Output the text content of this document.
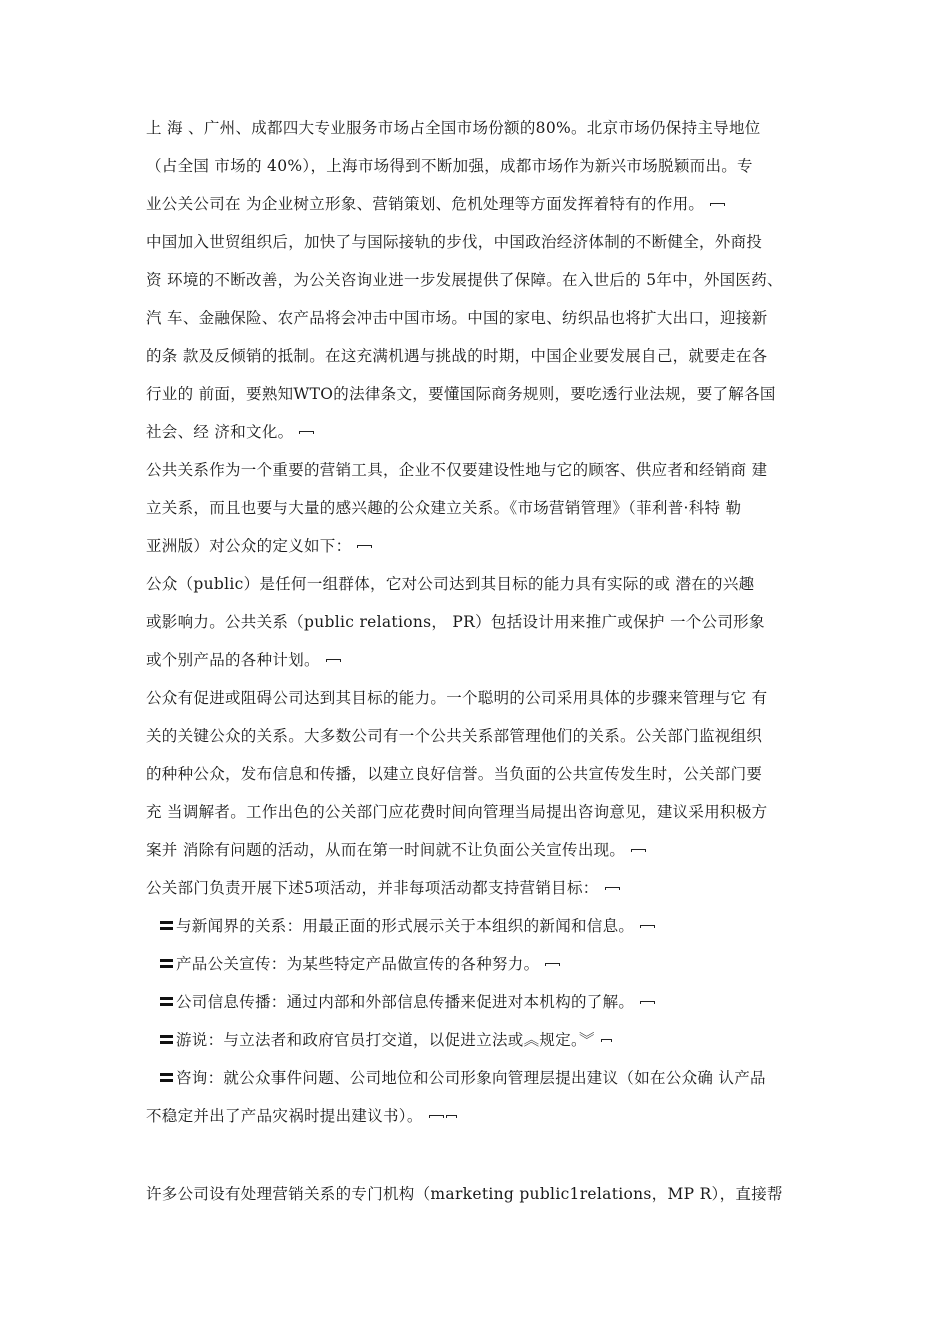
上 海 、广州、成都四大专业服务市场占全国市场份额的80%。北京市场仍保持主导地位
（占全国 市场的 40%），上海市场得到不断加强，成都市场作为新兴市场脱颖而出。专
业公关公司在 为企业树立形象、营销策划、危机处理等方面发挥着特有的作用。
中国加入世贸组织后，加快了与国际接轨的步伐，中国政治经济体制的不断健全，外商投
资 环境的不断改善，为公关咨询业进一步发展提供了保障。在入世后的 5年中，外国医药、
汽 车、金融保险、农产品将会冲击中国市场。中国的家电、纺织品也将扩大出口，迎接新
的条 款及反倾销的抵制。在这充满机遇与挑战的时期，中国企业要发展自己，就要走在各
行业的 前面，要熟知WTO的法律条文，要懂国际商务规则，要吃透行业法规，要了解各国
社会、经 济和文化。
公共关系作为一个重要的营销工具，企业不仅要建设性地与它的顾客、供应者和经销商 建
立关系，而且也要与大量的感兴趣的公众建立关系。《市场营销管理》（菲利普·科特 勒
亚洲版）对公众的定义如下：
公众（public）是任何一组群体，它对公司达到其目标的能力具有实际的或 潜在的兴趣
或影响力。公共关系（public relations， PR）包括设计用来推广或保护 一个公司形象
或个别产品的各种计划。
公众有促进或阻碍公司达到其目标的能力。一个聪明的公司采用具体的步骤来管理与它 有
关的关键公众的关系。大多数公司有一个公共关系部管理他们的关系。公关部门监视组织
的种种公众，发布信息和传播，以建立良好信誉。当负面的公共宣传发生时，公关部门要
充 当调解者。工作出色的公关部门应花费时间向管理当局提出咨询意见，建议采用积极方
案并 消除有问题的活动，从而在第一时间就不让负面公关宣传出现。
公关部门负责开展下述5项活动，并非每项活动都支持营销目标：
与新闻界的关系：用最正面的形式展示关于本组织的新闻和信息。
产品公关宣传：为某些特定产品做宣传的各种努力。
公司信息传播：通过内部和外部信息传播来促进对本机构的了解。
游说：与立法者和政府官员打交道，以促进立法或︽规定。︾
咨询：就公众事件问题、公司地位和公司形象向管理层提出建议（如在公众确 认产品
不稳定并出了产品灾祸时提出建议书）。
许多公司设有处理营销关系的专门机构（marketing public1relations，MP R），直接帮
